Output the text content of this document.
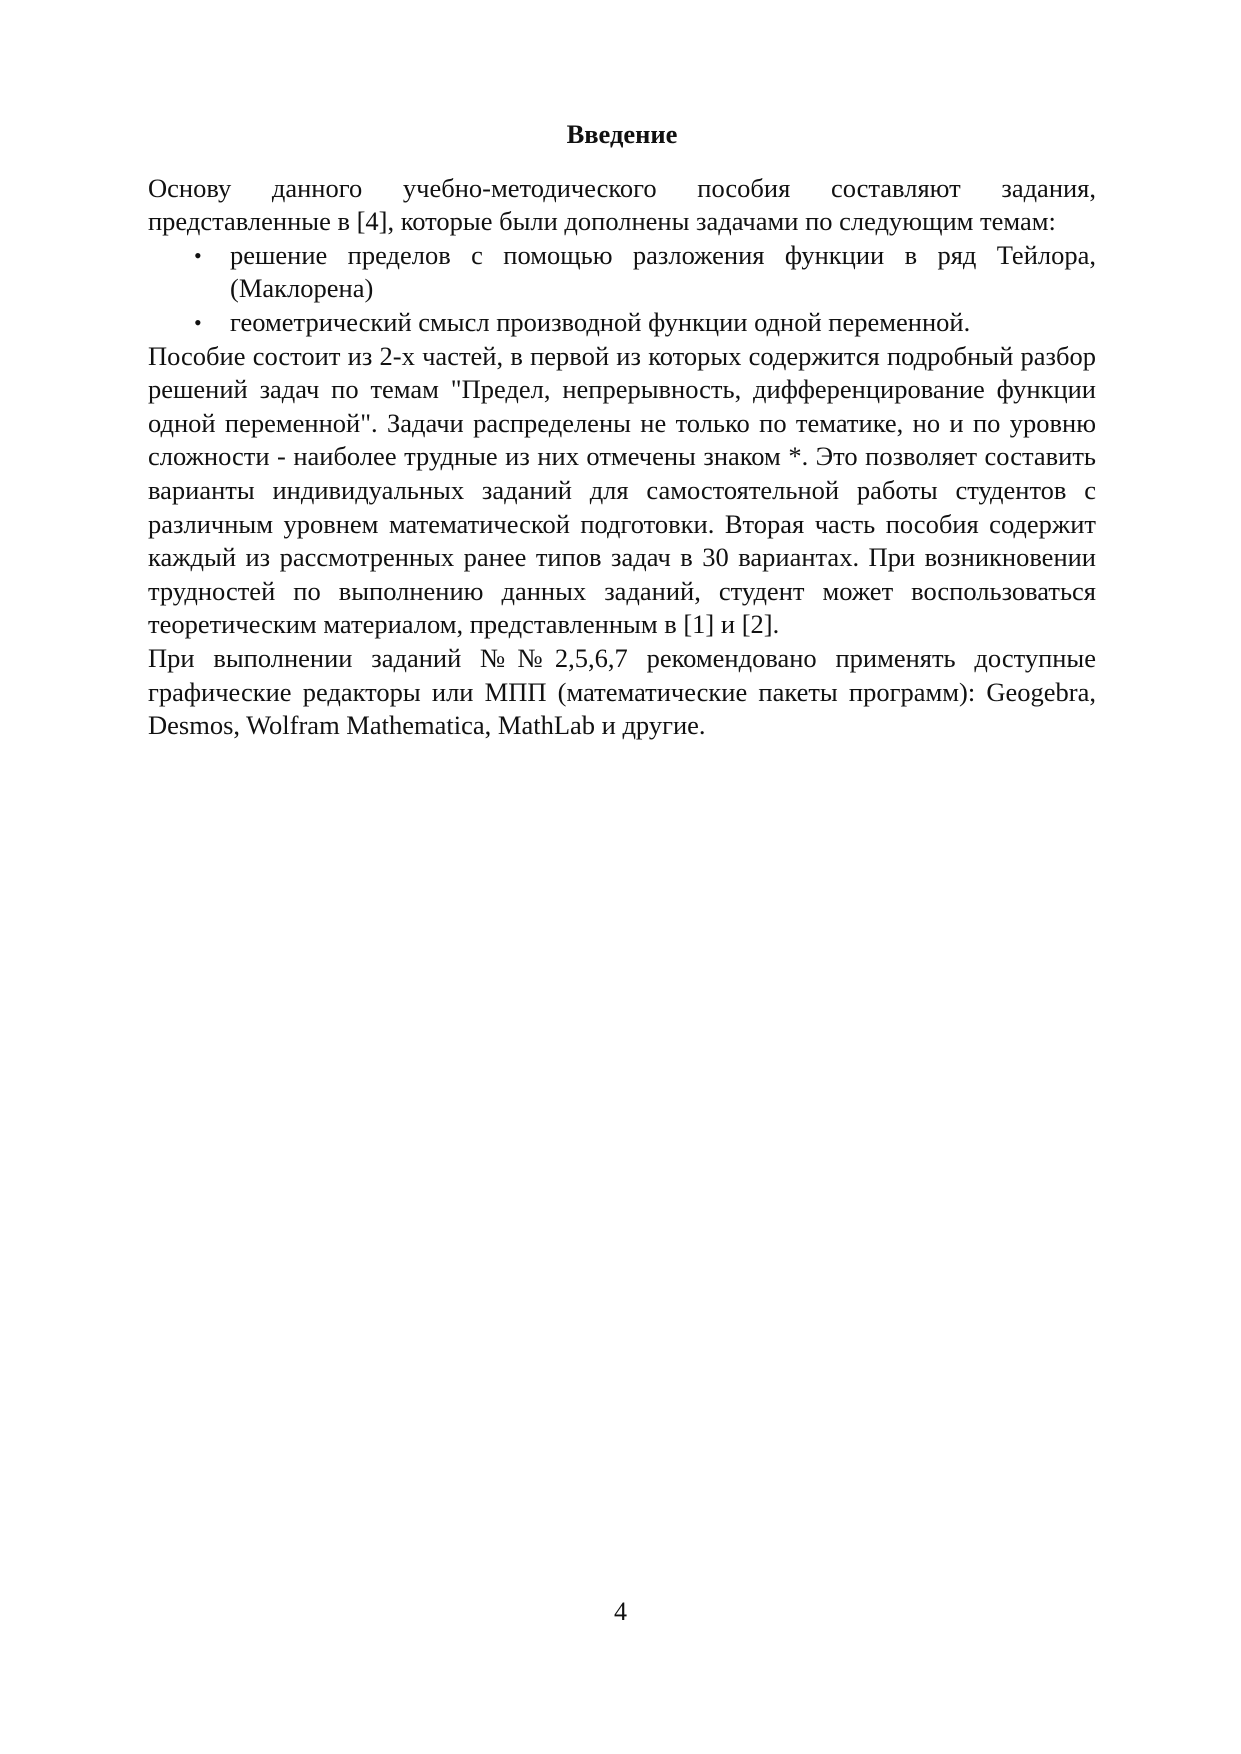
Введение

Основу данного учебно-методического пособия составляют задания, представленные в [4], которые были дополнены задачами по следующим темам:

• решение пределов с помощью разложения функции в ряд Тейлора, (Маклорена)
• геометрический смысл производной функции одной переменной.

Пособие состоит из 2-х частей, в первой из которых содержится подробный разбор решений задач по темам "Предел, непрерывность, дифференцирование функции одной переменной". Задачи распределены не только по тематике, но и по уровню сложности - наиболее трудные из них отмечены знаком *. Это позволяет составить варианты индивидуальных заданий для самостоятельной работы студентов с различным уровнем математической подготовки. Вторая часть пособия содержит каждый из рассмотренных ранее типов задач в 30 вариантах. При возникновении трудностей по выполнению данных заданий, студент может воспользоваться теоретическим материалом, представленным в [1] и [2].

При выполнении заданий №№2,5,6,7 рекомендовано применять доступные графические редакторы или МПП (математические пакеты программ): Geogebra, Desmos, Wolfram Mathematica, MathLab и другие.

4
